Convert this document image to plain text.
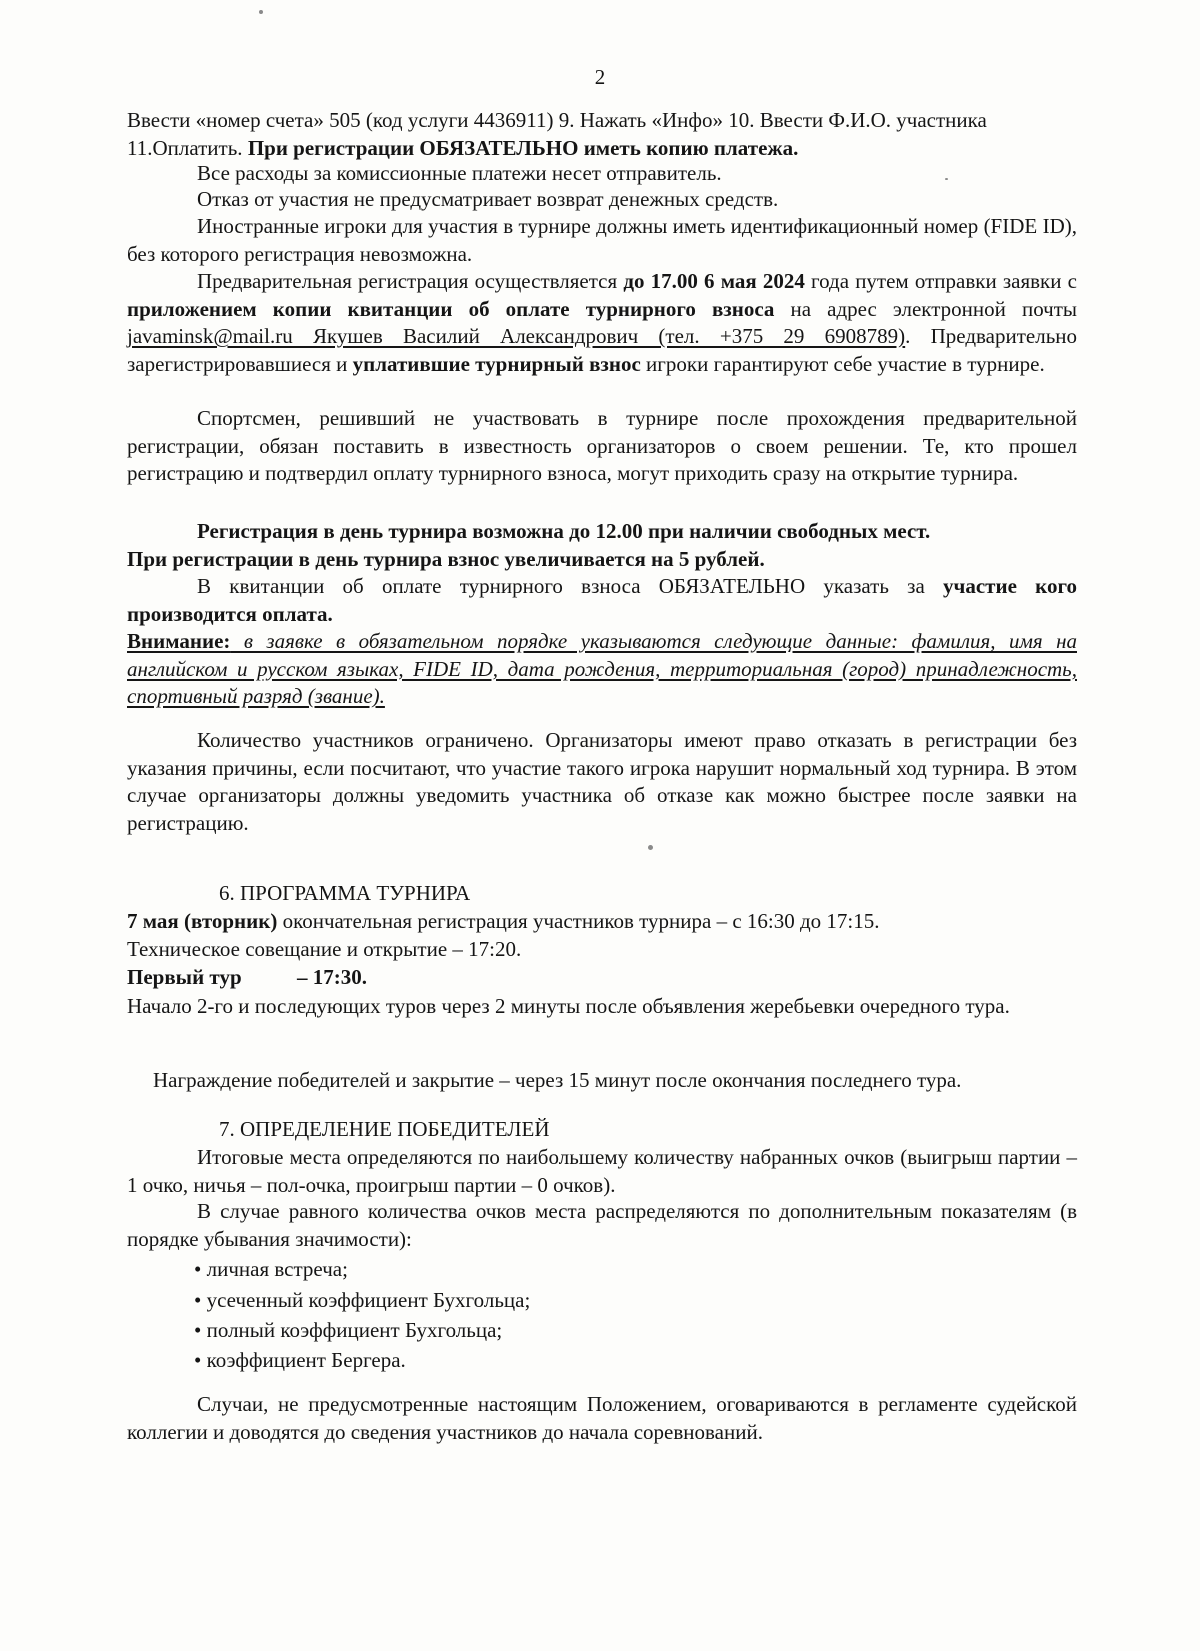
2

Ввести «номер счета» 505 (код услуги 4436911) 9. Нажать «Инфо» 10. Ввести Ф.И.О. участника
11.Оплатить. При регистрации ОБЯЗАТЕЛЬНО иметь копию платежа.

Все расходы за комиссионные платежи несет отправитель.

Отказ от участия не предусматривает возврат денежных средств.

Иностранные игроки для участия в турнире должны иметь идентификационный номер (FIDE ID), без которого регистрация невозможна.

Предварительная регистрация осуществляется до 17.00 6 мая 2024 года путем отправки заявки с приложением копии квитанции об оплате турнирного взноса на адрес электронной почты javaminsk@mail.ru Якушев Василий Александрович (тел. +375 29 6908789). Предварительно зарегистрировавшиеся и уплатившие турнирный взнос игроки гарантируют себе участие в турнире.

Спортсмен, решивший не участвовать в турнире после прохождения предварительной регистрации, обязан поставить в известность организаторов о своем решении. Те, кто прошел регистрацию и подтвердил оплату турнирного взноса, могут приходить сразу на открытие турнира.

Регистрация в день турнира возможна до 12.00 при наличии свободных мест.
При регистрации в день турнира взнос увеличивается на 5 рублей.

В квитанции об оплате турнирного взноса ОБЯЗАТЕЛЬНО указать за участие кого производится оплата.

Внимание: в заявке в обязательном порядке указываются следующие данные: фамилия, имя на английском и русском языках, FIDE ID, дата рождения, территориальная (город) принадлежность, спортивный разряд (звание).

Количество участников ограничено. Организаторы имеют право отказать в регистрации без указания причины, если посчитают, что участие такого игрока нарушит нормальный ход турнира. В этом случае организаторы должны уведомить участника об отказе как можно быстрее после заявки на регистрацию.

6. ПРОГРАММА ТУРНИРА

7 мая (вторник) окончательная регистрация участников турнира – с 16:30 до 17:15.

Техническое совещание и открытие – 17:20.

Первый тур	– 17:30.

Начало 2-го и последующих туров через 2 минуты после объявления жеребьевки очередного тура.

Награждение победителей и закрытие – через 15 минут после окончания последнего тура.

7. ОПРЕДЕЛЕНИЕ ПОБЕДИТЕЛЕЙ

Итоговые места определяются по наибольшему количеству набранных очков (выигрыш партии – 1 очко, ничья – пол-очка, проигрыш партии – 0 очков).

В случае равного количества очков места распределяются по дополнительным показателям (в порядке убывания значимости):

• личная встреча;
• усеченный коэффициент Бухгольца;
• полный коэффициент Бухгольца;
• коэффициент Бергера.

Случаи, не предусмотренные настоящим Положением, оговариваются в регламенте судейской коллегии и доводятся до сведения участников до начала соревнований.
